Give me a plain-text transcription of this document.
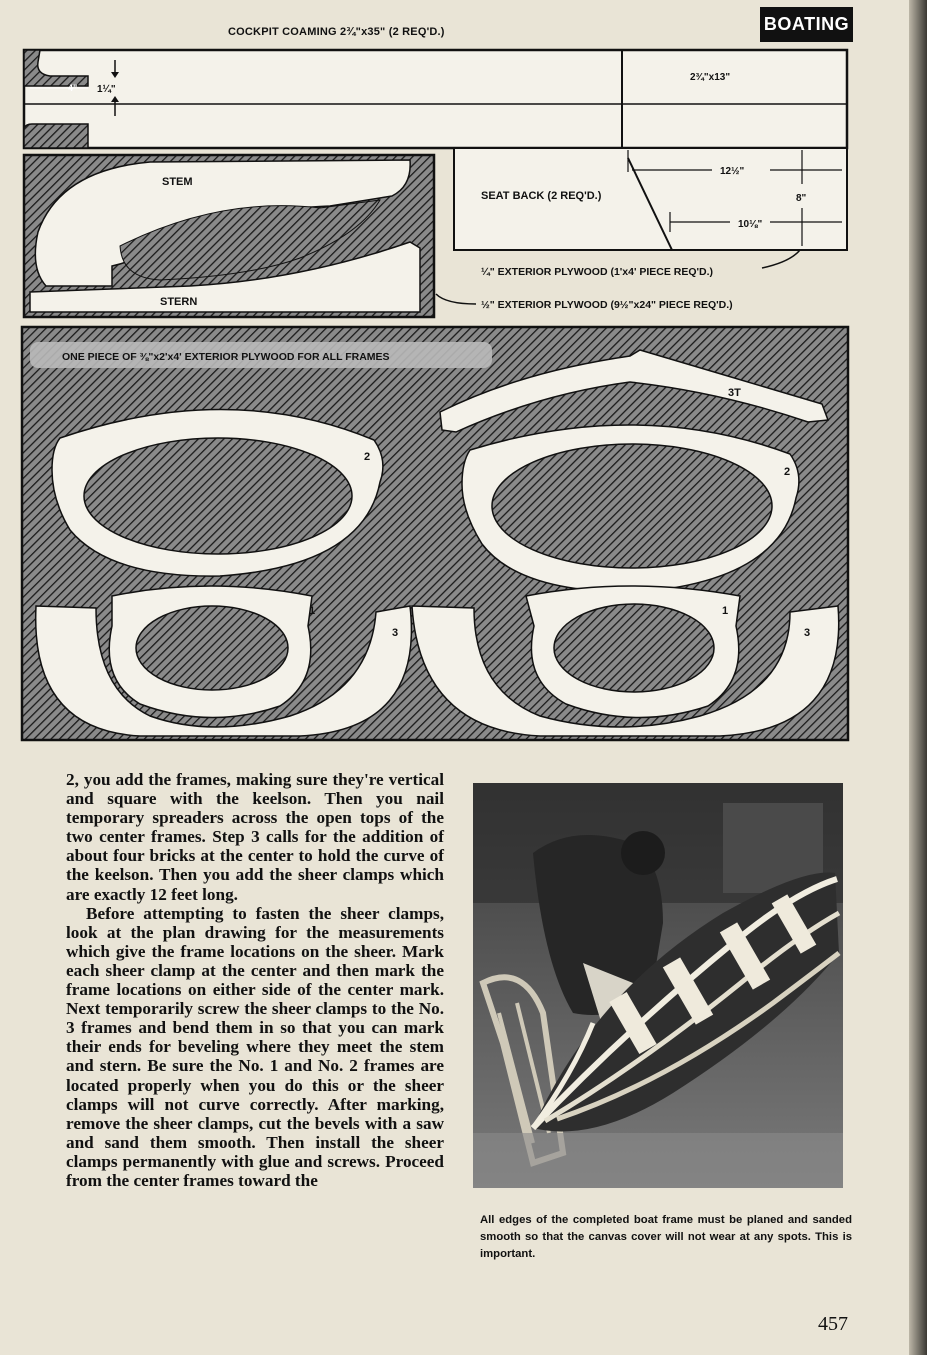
COCKPIT COAMING 2¾"x35" (2 REQ'D.)	BOATING
4" 1¼"
2¾"x13"
STEM
STERN
SEAT BACK (2 REQ'D.)
12½"
8"
10⅛"
¼" EXTERIOR PLYWOOD (1'x4' PIECE REQ'D.)
½" EXTERIOR PLYWOOD (9½"x24" PIECE REQ'D.)
ONE PIECE OF ⅜"x2'x4' EXTERIOR PLYWOOD FOR ALL FRAMES
3T
2
2
1
3
1
3

2, you add the frames, making sure they're vertical and square with the keelson. Then you nail temporary spreaders across the open tops of the two center frames. Step 3 calls for the addition of about four bricks at the center to hold the curve of the keelson. Then you add the sheer clamps which are exactly 12 feet long.

Before attempting to fasten the sheer clamps, look at the plan drawing for the measurements which give the frame locations on the sheer. Mark each sheer clamp at the center and then mark the frame locations on either side of the center mark. Next temporarily screw the sheer clamps to the No. 3 frames and bend them in so that you can mark their ends for beveling where they meet the stem and stern. Be sure the No. 1 and No. 2 frames are located properly when you do this or the sheer clamps will not curve correctly. After marking, remove the sheer clamps, cut the bevels with a saw and sand them smooth. Then install the sheer clamps permanently with glue and screws. Proceed from the center frames toward the

All edges of the completed boat frame must be planed and sanded smooth so that the canvas cover will not wear at any spots. This is important.
457
